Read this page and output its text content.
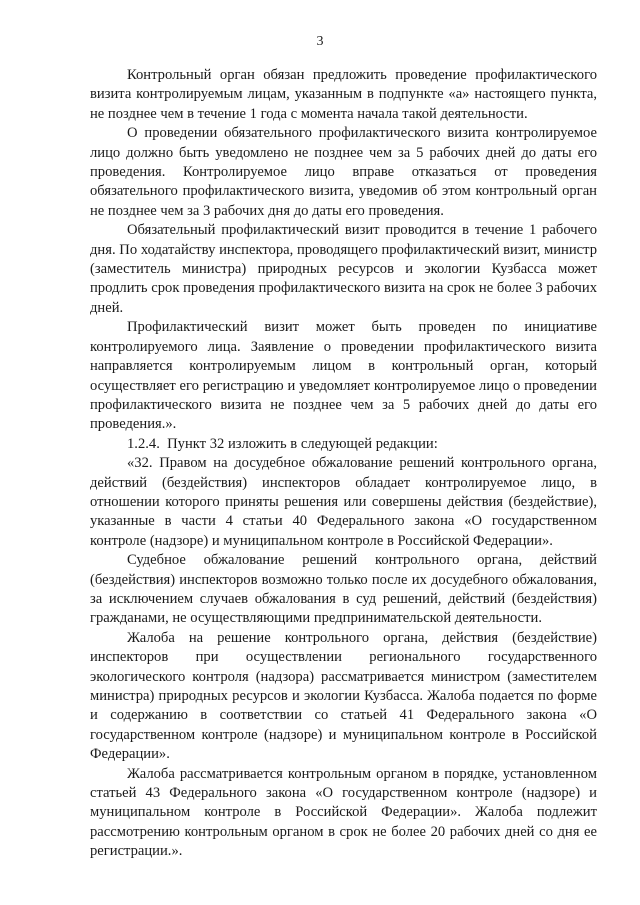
3

Контрольный орган обязан предложить проведение профилактического визита контролируемым лицам, указанным в подпункте «а» настоящего пункта, не позднее чем в течение 1 года с момента начала такой деятельности.

О проведении обязательного профилактического визита контролируемое лицо должно быть уведомлено не позднее чем за 5 рабочих дней до даты его проведения. Контролируемое лицо вправе отказаться от проведения обязательного профилактического визита, уведомив об этом контрольный орган не позднее чем за 3 рабочих дня до даты его проведения.

Обязательный профилактический визит проводится в течение 1 рабочего дня. По ходатайству инспектора, проводящего профилактический визит, министр (заместитель министра) природных ресурсов и экологии Кузбасса может продлить срок проведения профилактического визита на срок не более 3 рабочих дней.

Профилактический визит может быть проведен по инициативе контролируемого лица. Заявление о проведении профилактического визита направляется контролируемым лицом в контрольный орган, который осуществляет его регистрацию и уведомляет контролируемое лицо о проведении профилактического визита не позднее чем за 5 рабочих дней до даты его проведения.».

1.2.4.  Пункт 32 изложить в следующей редакции:

«32. Правом на досудебное обжалование решений контрольного органа, действий (бездействия) инспекторов обладает контролируемое лицо, в отношении которого приняты решения или совершены действия (бездействие), указанные в части 4 статьи 40 Федерального закона «О государственном контроле (надзоре) и муниципальном контроле в Российской Федерации».

Судебное обжалование решений контрольного органа, действий (бездействия) инспекторов возможно только после их досудебного обжалования, за исключением случаев обжалования в суд решений, действий (бездействия) гражданами, не осуществляющими предпринимательской деятельности.

Жалоба на решение контрольного органа, действия (бездействие) инспекторов при осуществлении регионального государственного экологического контроля (надзора) рассматривается министром (заместителем министра) природных ресурсов и экологии Кузбасса. Жалоба подается по форме и содержанию в соответствии со статьей 41 Федерального закона «О государственном контроле (надзоре) и муниципальном контроле в Российской Федерации».

Жалоба рассматривается контрольным органом в порядке, установленном статьей 43 Федерального закона «О государственном контроле (надзоре) и муниципальном контроле в Российской Федерации». Жалоба подлежит рассмотрению контрольным органом в срок не более 20 рабочих дней со дня ее регистрации.».
